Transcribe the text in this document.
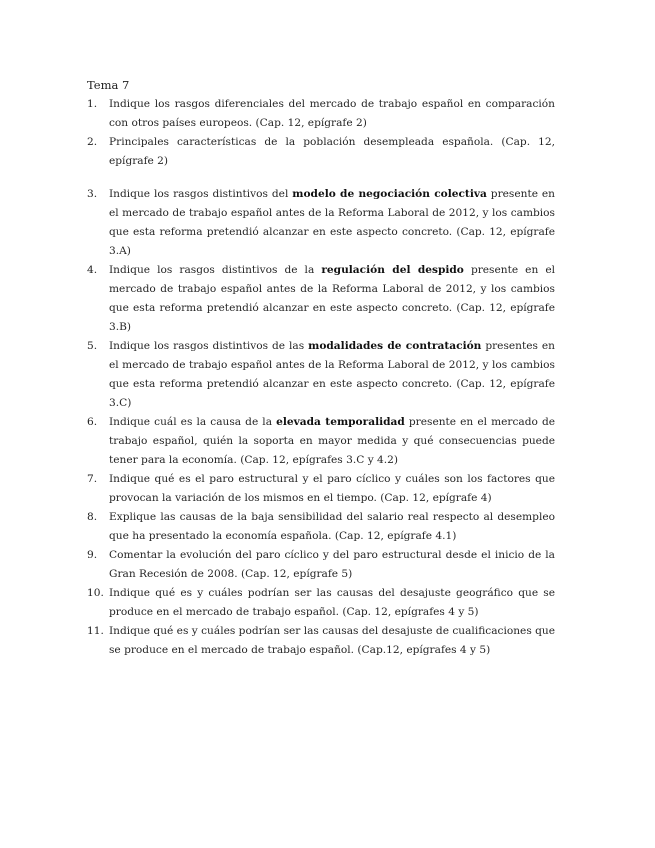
Tema 7
1. Indique los rasgos diferenciales del mercado de trabajo español en comparación con otros países europeos. (Cap. 12, epígrafe 2)
2. Principales características de la población desempleada española. (Cap. 12, epígrafe 2)
3. Indique los rasgos distintivos del modelo de negociación colectiva presente en el mercado de trabajo español antes de la Reforma Laboral de 2012, y los cambios que esta reforma pretendió alcanzar en este aspecto concreto. (Cap. 12, epígrafe 3.A)
4. Indique los rasgos distintivos de la regulación del despido presente en el mercado de trabajo español antes de la Reforma Laboral de 2012, y los cambios que esta reforma pretendió alcanzar en este aspecto concreto. (Cap. 12, epígrafe 3.B)
5. Indique los rasgos distintivos de las modalidades de contratación presentes en el mercado de trabajo español antes de la Reforma Laboral de 2012, y los cambios que esta reforma pretendió alcanzar en este aspecto concreto. (Cap. 12, epígrafe 3.C)
6. Indique cuál es la causa de la elevada temporalidad presente en el mercado de trabajo español, quién la soporta en mayor medida y qué consecuencias puede tener para la economía. (Cap. 12, epígrafes 3.C y 4.2)
7. Indique qué es el paro estructural y el paro cíclico y cuáles son los factores que provocan la variación de los mismos en el tiempo. (Cap. 12, epígrafe 4)
8. Explique las causas de la baja sensibilidad del salario real respecto al desempleo que ha presentado la economía española. (Cap. 12, epígrafe 4.1)
9. Comentar la evolución del paro cíclico y del paro estructural desde el inicio de la Gran Recesión de 2008. (Cap. 12, epígrafe 5)
10. Indique qué es y cuáles podrían ser las causas del desajuste geográfico que se produce en el mercado de trabajo español. (Cap. 12, epígrafes 4 y 5)
11. Indique qué es y cuáles podrían ser las causas del desajuste de cualificaciones que se produce en el mercado de trabajo español. (Cap.12, epígrafes 4 y 5)
